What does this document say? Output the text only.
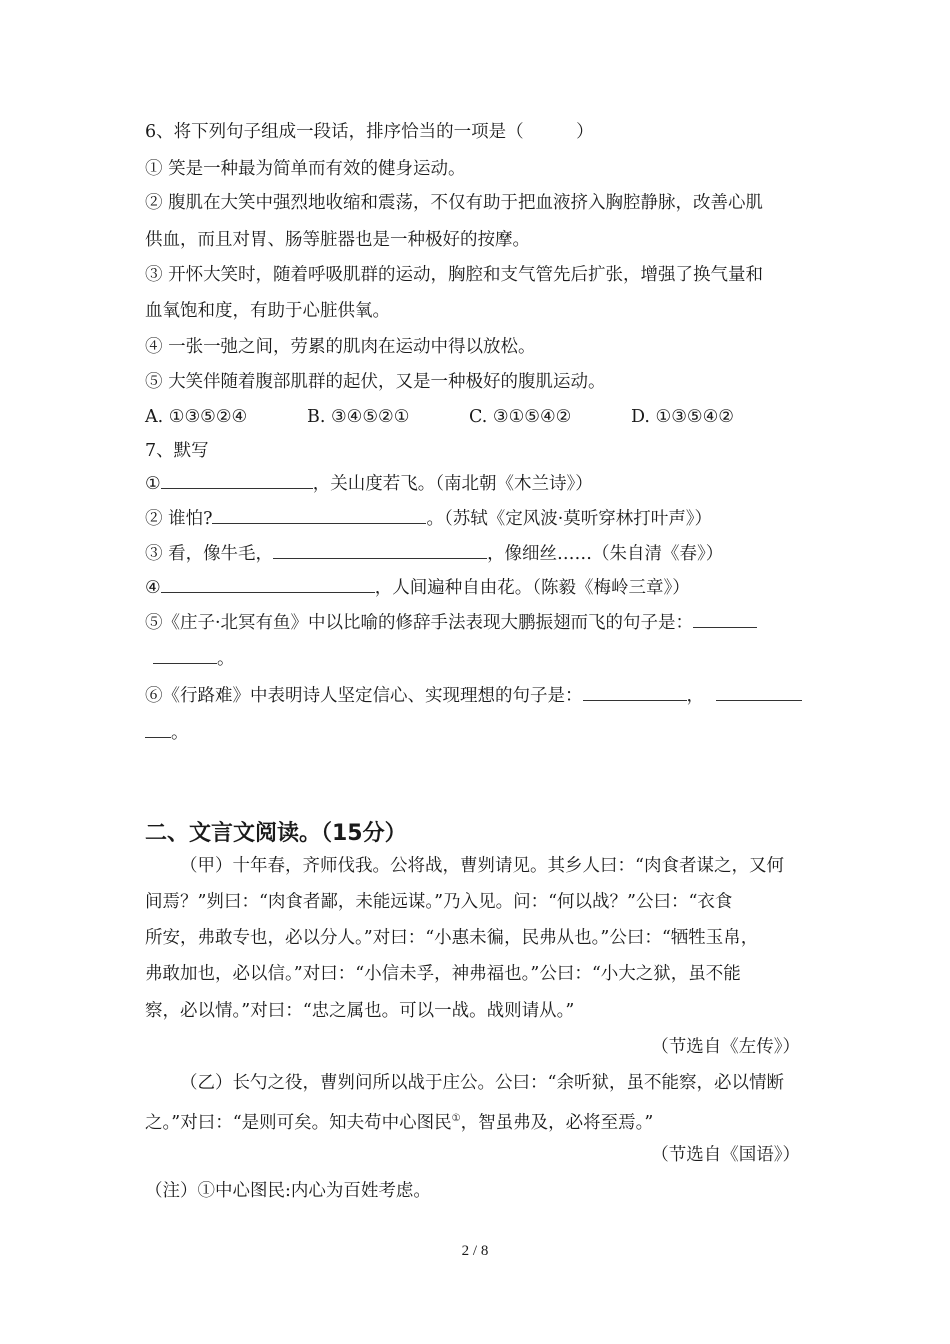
6、将下列句子组成一段话，排序恰当的一项是（　　　）
① 笑是一种最为简单而有效的健身运动。
② 腹肌在大笑中强烈地收缩和震荡，不仅有助于把血液挤入胸腔静脉，改善心肌
供血，而且对胃、肠等脏器也是一种极好的按摩。
③ 开怀大笑时，随着呼吸肌群的运动，胸腔和支气管先后扩张，增强了换气量和
血氧饱和度，有助于心脏供氧。
④ 一张一弛之间，劳累的肌肉在运动中得以放松。
⑤ 大笑伴随着腹部肌群的起伏，又是一种极好的腹肌运动。
A. ①③⑤②④	B. ③④⑤②①	C. ③①⑤④②	D. ①③⑤④②
7、默写
①	，关山度若飞。（南北朝《木兰诗》）
② 谁怕?	。（苏轼《定风波·莫听穿林打叶声》）
③ 看，像牛毛，	，像细丝……（朱自清《春》）
④	，人间遍种自由花。（陈毅《梅岭三章》）
⑤《庄子·北冥有鱼》中以比喻的修辞手法表现大鹏振翅而飞的句子是：
。
⑥《行路难》中表明诗人坚定信心、实现理想的句子是：	，
。
二、文言文阅读。（15分）
（甲）十年春，齐师伐我。公将战，曹刿请见。其乡人曰：“肉食者谋之，又何
间焉？”刿曰：“肉食者鄙，未能远谋。”乃入见。问：“何以战？”公曰：“衣食
所安，弗敢专也，必以分人。”对曰：“小惠未徧，民弗从也。”公曰：“牺牲玉帛，
弗敢加也，必以信。”对曰：“小信未孚，神弗福也。”公曰：“小大之狱，虽不能
察，必以情。”对曰：“忠之属也。可以一战。战则请从。”
（节选自《左传》）
（乙）长勺之役，曹刿问所以战于庄公。公曰：“余听狱，虽不能察，必以情断
之。”对曰：“是则可矣。知夫苟中心图民①，智虽弗及，必将至焉。”
（节选自《国语》）
（注）①中心图民:内心为百姓考虑。
2 / 8
